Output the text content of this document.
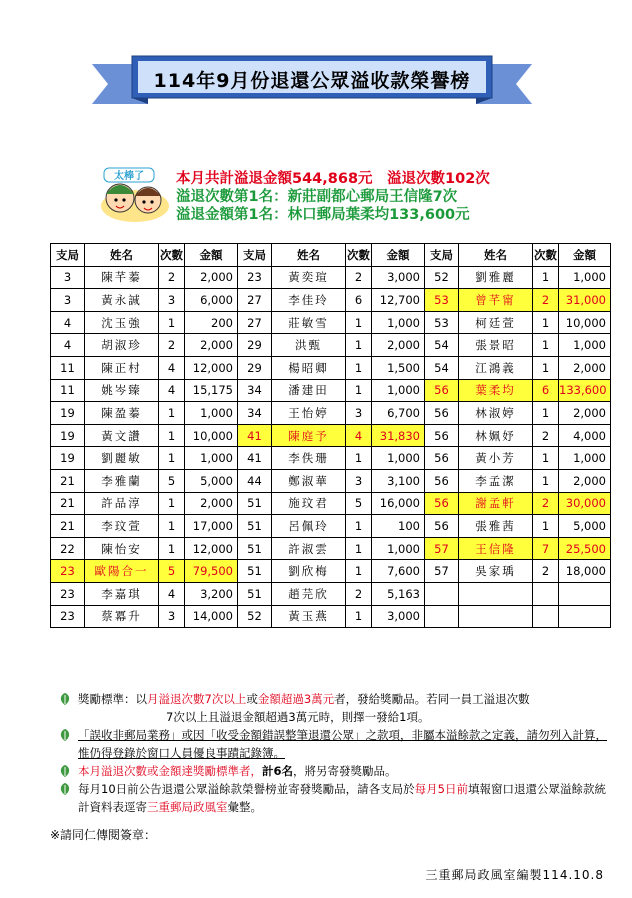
114年9月份退還公眾溢收款榮譽榜
太棒了 本月共計溢退金額544,868元　溢退次數102次
溢退次數第1名：新莊副都心郵局王信隆7次
溢退金額第1名：林口郵局葉柔均133,600元
支局	姓名	次數	金額	支局	姓名	次數	金額	支局	姓名	次數	金額
3	陳芊蓁	2	2,000	23	黃奕瑄	2	3,000	52	劉雅麗	1	1,000
3	黃永誠	3	6,000	27	李佳玲	6	12,700	53	曾芊甯	2	31,000
4	沈玉強	1	200	27	莊敏雪	1	1,000	53	柯廷萱	1	10,000
4	胡淑珍	2	2,000	29	洪甄	1	2,000	54	張景昭	1	1,000
11	陳正村	4	12,000	29	楊昭卿	1	1,500	54	江鴻義	1	2,000
11	姚岑臻	4	15,175	34	潘建田	1	1,000	56	葉柔均	6	133,600
19	陳盈蓁	1	1,000	34	王怡婷	3	6,700	56	林淑婷	1	2,000
19	黃文讚	1	10,000	41	陳庭予	4	31,830	56	林姵妤	2	4,000
19	劉麗敏	1	1,000	41	李佚珊	1	1,000	56	黃小芳	1	1,000
21	李雅蘭	5	5,000	44	鄭淑華	3	3,100	56	李孟潔	1	2,000
21	許品淳	1	2,000	51	施玟君	5	16,000	56	謝孟軒	2	30,000
21	李玟萱	1	17,000	51	呂佩玲	1	100	56	張雅茜	1	5,000
22	陳怡安	1	12,000	51	許淑雲	1	1,000	57	王信隆	7	25,500
23	歐陽合一	5	79,500	51	劉欣梅	1	7,600	57	吳家瑀	2	18,000
23	李嘉琪	4	3,200	51	趙芫欣	2	5,163				
23	蔡冪升	3	14,000	52	黃玉燕	1	3,000				
獎勵標準：以月溢退次數7次以上或金額超過3萬元者，發給獎勵品。若同一員工溢退次數
7次以上且溢退金額超過3萬元時，則擇一發給1項。
「誤收非郵局業務」或因「收受金額錯誤整筆退還公眾」之款項，非屬本溢餘款之定義，請勿列入計算，惟仍得登錄於窗口人員優良事蹟記錄簿。
本月溢退次數或金額達獎勵標準者，計6名，將另寄發獎勵品。
每月10日前公告退還公眾溢餘款榮譽榜並寄發獎勵品，請各支局於每月5日前填報窗口退還公眾溢餘款統計資料表逕寄三重郵局政風室彙整。
※請同仁傳閱簽章：
三重郵局政風室編製114.10.8
